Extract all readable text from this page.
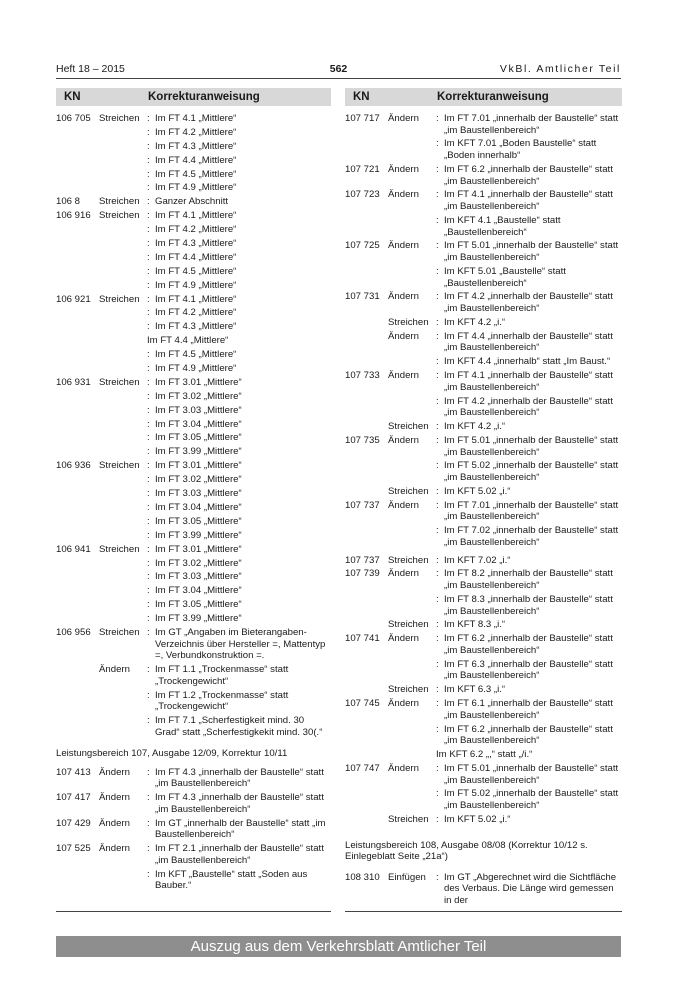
Heft 18 – 2015	562	VkBl. Amtlicher Teil
KN	Korrekturanweisung
106 705 Streichen : Im FT 4.1 „Mittlere“
: Im FT 4.2 „Mittlere“
: Im FT 4.3 „Mittlere“
: Im FT 4.4 „Mittlere“
: Im FT 4.5 „Mittlere“
: Im FT 4.9 „Mittlere“
106 8	Streichen : Ganzer Abschnitt
106 916 Streichen : Im FT 4.1 „Mittlere“
: Im FT 4.2 „Mittlere“
: Im FT 4.3 „Mittlere“
: Im FT 4.4 „Mittlere“
: Im FT 4.5 „Mittlere“
: Im FT 4.9 „Mittlere“
106 921 Streichen : Im FT 4.1 „Mittlere“
: Im FT 4.2 „Mittlere“
: Im FT 4.3 „Mittlere“
Im FT 4.4 „Mittlere“
: Im FT 4.5 „Mittlere“
: Im FT 4.9 „Mittlere“
106 931 Streichen : Im FT 3.01 „Mittlere“
: Im FT 3.02 „Mittlere“
: Im FT 3.03 „Mittlere“
: Im FT 3.04 „Mittlere“
: Im FT 3.05 „Mittlere“
: Im FT 3.99 „Mittlere“
106 936 Streichen : Im FT 3.01 „Mittlere“
: Im FT 3.02 „Mittlere“
: Im FT 3.03 „Mittlere“
: Im FT 3.04 „Mittlere“
: Im FT 3.05 „Mittlere“
: Im FT 3.99 „Mittlere“
106 941 Streichen : Im FT 3.01 „Mittlere“
: Im FT 3.02 „Mittlere“
: Im FT 3.03 „Mittlere“
: Im FT 3.04 „Mittlere“
: Im FT 3.05 „Mittlere“
: Im FT 3.99 „Mittlere“
106 956 Streichen : Im GT „Angaben im Bieterangaben-Verzeichnis über Hersteller =, Mattentyp =, Verbundkonstruktion =.
Ändern	: Im FT 1.1 „Trockenmasse“ statt „Trockengewicht“
: Im FT 1.2 „Trockenmasse“ statt „Trockengewicht“
: Im FT 7.1 „Scherfestigkeit mind. 30 Grad“ statt „Scherfestigkekit mind. 30(.“
Leistungsbereich 107, Ausgabe 12/09, Korrektur 10/11
107 413 Ändern	: Im FT 4.3 „innerhalb der Baustelle“ statt „im Baustellenbereich“
107 417 Ändern	: Im FT 4.3 „innerhalb der Baustelle“ statt „im Baustellenbereich“
107 429 Ändern	: Im GT „innerhalb der Baustelle“ statt „im Baustellenbereich“
107 525 Ändern	: Im FT 2.1 „innerhalb der Baustelle“ statt „im Baustellenbereich“
: Im KFT „Baustelle“ statt „Soden aus Bauber.“
KN	Korrekturanweisung
107 717 Ändern	: Im FT 7.01 „innerhalb der Baustelle“ statt „im Baustellenbereich“
: Im KFT 7.01 „Boden Baustelle“ statt „Boden innerhalb“
107 721 Ändern	: Im FT 6.2 „innerhalb der Baustelle“ statt „im Baustellenbereich“
107 723 Ändern	: Im FT 4.1 „innerhalb der Baustelle“ statt „im Baustellenbereich“
: Im KFT 4.1 „Baustelle“ statt „Baustellenbereich“
107 725 Ändern	: Im FT 5.01 „innerhalb der Baustelle“ statt „im Baustellenbereich“
: Im KFT 5.01 „Baustelle“ statt „Baustellenbereich“
107 731 Ändern	: Im FT 4.2 „innerhalb der Baustelle“ statt „im Baustellenbereich“
Streichen : Im KFT 4.2 „i.“
Ändern	: Im FT 4.4 „innerhalb der Baustelle“ statt „im Baustellenbereich“
: Im KFT 4.4 „innerhalb“ statt „Im Baust.“
107 733 Ändern	: Im FT 4.1 „innerhalb der Baustelle“ statt „im Baustellenbereich“
: Im FT 4.2 „innerhalb der Baustelle“ statt „im Baustellenbereich“
Streichen : Im KFT 4.2 „i.“
107 735 Ändern	: Im FT 5.01 „innerhalb der Baustelle“ statt „im Baustellenbereich“
: Im FT 5.02 „innerhalb der Baustelle“ statt „im Baustellenbereich“
Streichen : Im KFT 5.02 „i.“
107 737 Ändern	: Im FT 7.01 „innerhalb der Baustelle“ statt „im Baustellenbereich“
: Im FT 7.02 „innerhalb der Baustelle“ statt „im Baustellenbereich“
107 737 Streichen : Im KFT 7.02 „i.“
107 739 Ändern	: Im FT 8.2 „innerhalb der Baustelle“ statt „im Baustellenbereich“
: Im FT 8.3 „innerhalb der Baustelle“ statt „im Baustellenbereich“
Streichen : Im KFT 8.3 „i.“
107 741 Ändern	: Im FT 6.2 „innerhalb der Baustelle“ statt „im Baustellenbereich“
: Im FT 6.3 „innerhalb der Baustelle“ statt „im Baustellenbereich“
Streichen : Im KFT 6.3 „i.“
107 745 Ändern	: Im FT 6.1 „innerhalb der Baustelle“ statt „im Baustellenbereich“
: Im FT 6.2 „innerhalb der Baustelle“ statt „im Baustellenbereich“
Im KFT 6.2 „,“ statt „/i.“
107 747 Ändern	: Im FT 5.01 „innerhalb der Baustelle“ statt „im Baustellenbereich“
: Im FT 5.02 „innerhalb der Baustelle“ statt „im Baustellenbereich“
Streichen : Im KFT 5.02 „i.“
Leistungsbereich 108, Ausgabe 08/08 (Korrektur 10/12 s. Einlegeblatt Seite „21a“)
108 310 Einfügen	: Im GT „Abgerechnet wird die Sichtfläche des Verbaus. Die Länge wird gemessen in der
Auszug aus dem Verkehrsblatt Amtlicher Teil
